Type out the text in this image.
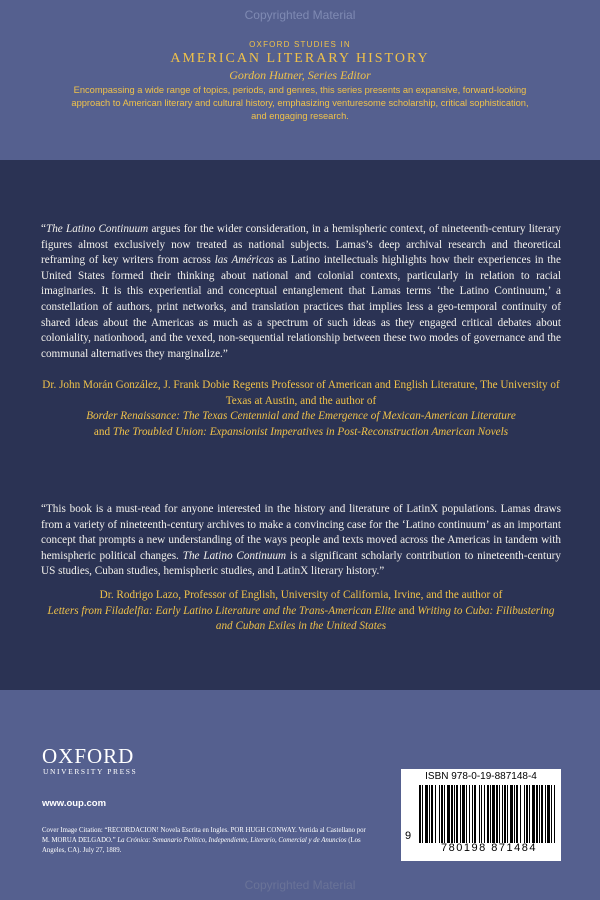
Copyrighted Material
OXFORD STUDIES IN
AMERICAN LITERARY HISTORY
Gordon Hutner, Series Editor
Encompassing a wide range of topics, periods, and genres, this series presents an expansive, forward-looking approach to American literary and cultural history, emphasizing venturesome scholarship, critical sophistication, and engaging research.
“The Latino Continuum argues for the wider consideration, in a hemispheric context, of nineteenth-century literary figures almost exclusively now treated as national subjects. Lamas’s deep archival research and theoretical reframing of key writers from across las Américas as Latino intellectuals highlights how their experiences in the United States formed their thinking about national and colonial contexts, particularly in relation to racial imaginaries. It is this experiential and conceptual entanglement that Lamas terms ‘the Latino Continuum,’ a constellation of authors, print networks, and translation practices that implies less a geo-temporal continuity of shared ideas about the Americas as much as a spectrum of such ideas as they engaged critical debates about coloniality, nationhood, and the vexed, non-sequential relationship between these two modes of governance and the communal alternatives they marginalize.”
Dr. John Morán González, J. Frank Dobie Regents Professor of American and English Literature, The University of Texas at Austin, and the author of
Border Renaissance: The Texas Centennial and the Emergence of Mexican-American Literature
and The Troubled Union: Expansionist Imperatives in Post-Reconstruction American Novels
“This book is a must-read for anyone interested in the history and literature of LatinX populations. Lamas draws from a variety of nineteenth-century archives to make a convincing case for the ‘Latino continuum’ as an important concept that prompts a new understanding of the ways people and texts moved across the Americas in tandem with hemispheric political changes. The Latino Continuum is a significant scholarly contribution to nineteenth-century US studies, Cuban studies, hemispheric studies, and LatinX literary history.”
Dr. Rodrigo Lazo, Professor of English, University of California, Irvine, and the author of
Letters from Filadelfia: Early Latino Literature and the Trans-American Elite and Writing to Cuba: Filibustering and Cuban Exiles in the United States
OXFORD
UNIVERSITY PRESS
www.oup.com
Cover Image Citation: “RECORDACION! Novela Escrita en Ingles. POR HUGH CONWAY. Vertida al Castellano por M. MORUA DELGADO.” La Crónica: Semanario Político, Independiente, Literario, Comercial y de Anuncios (Los Angeles, CA). July 27, 1889.
ISBN 978-0-19-887148-4
9
780198 871484
Copyrighted Material
